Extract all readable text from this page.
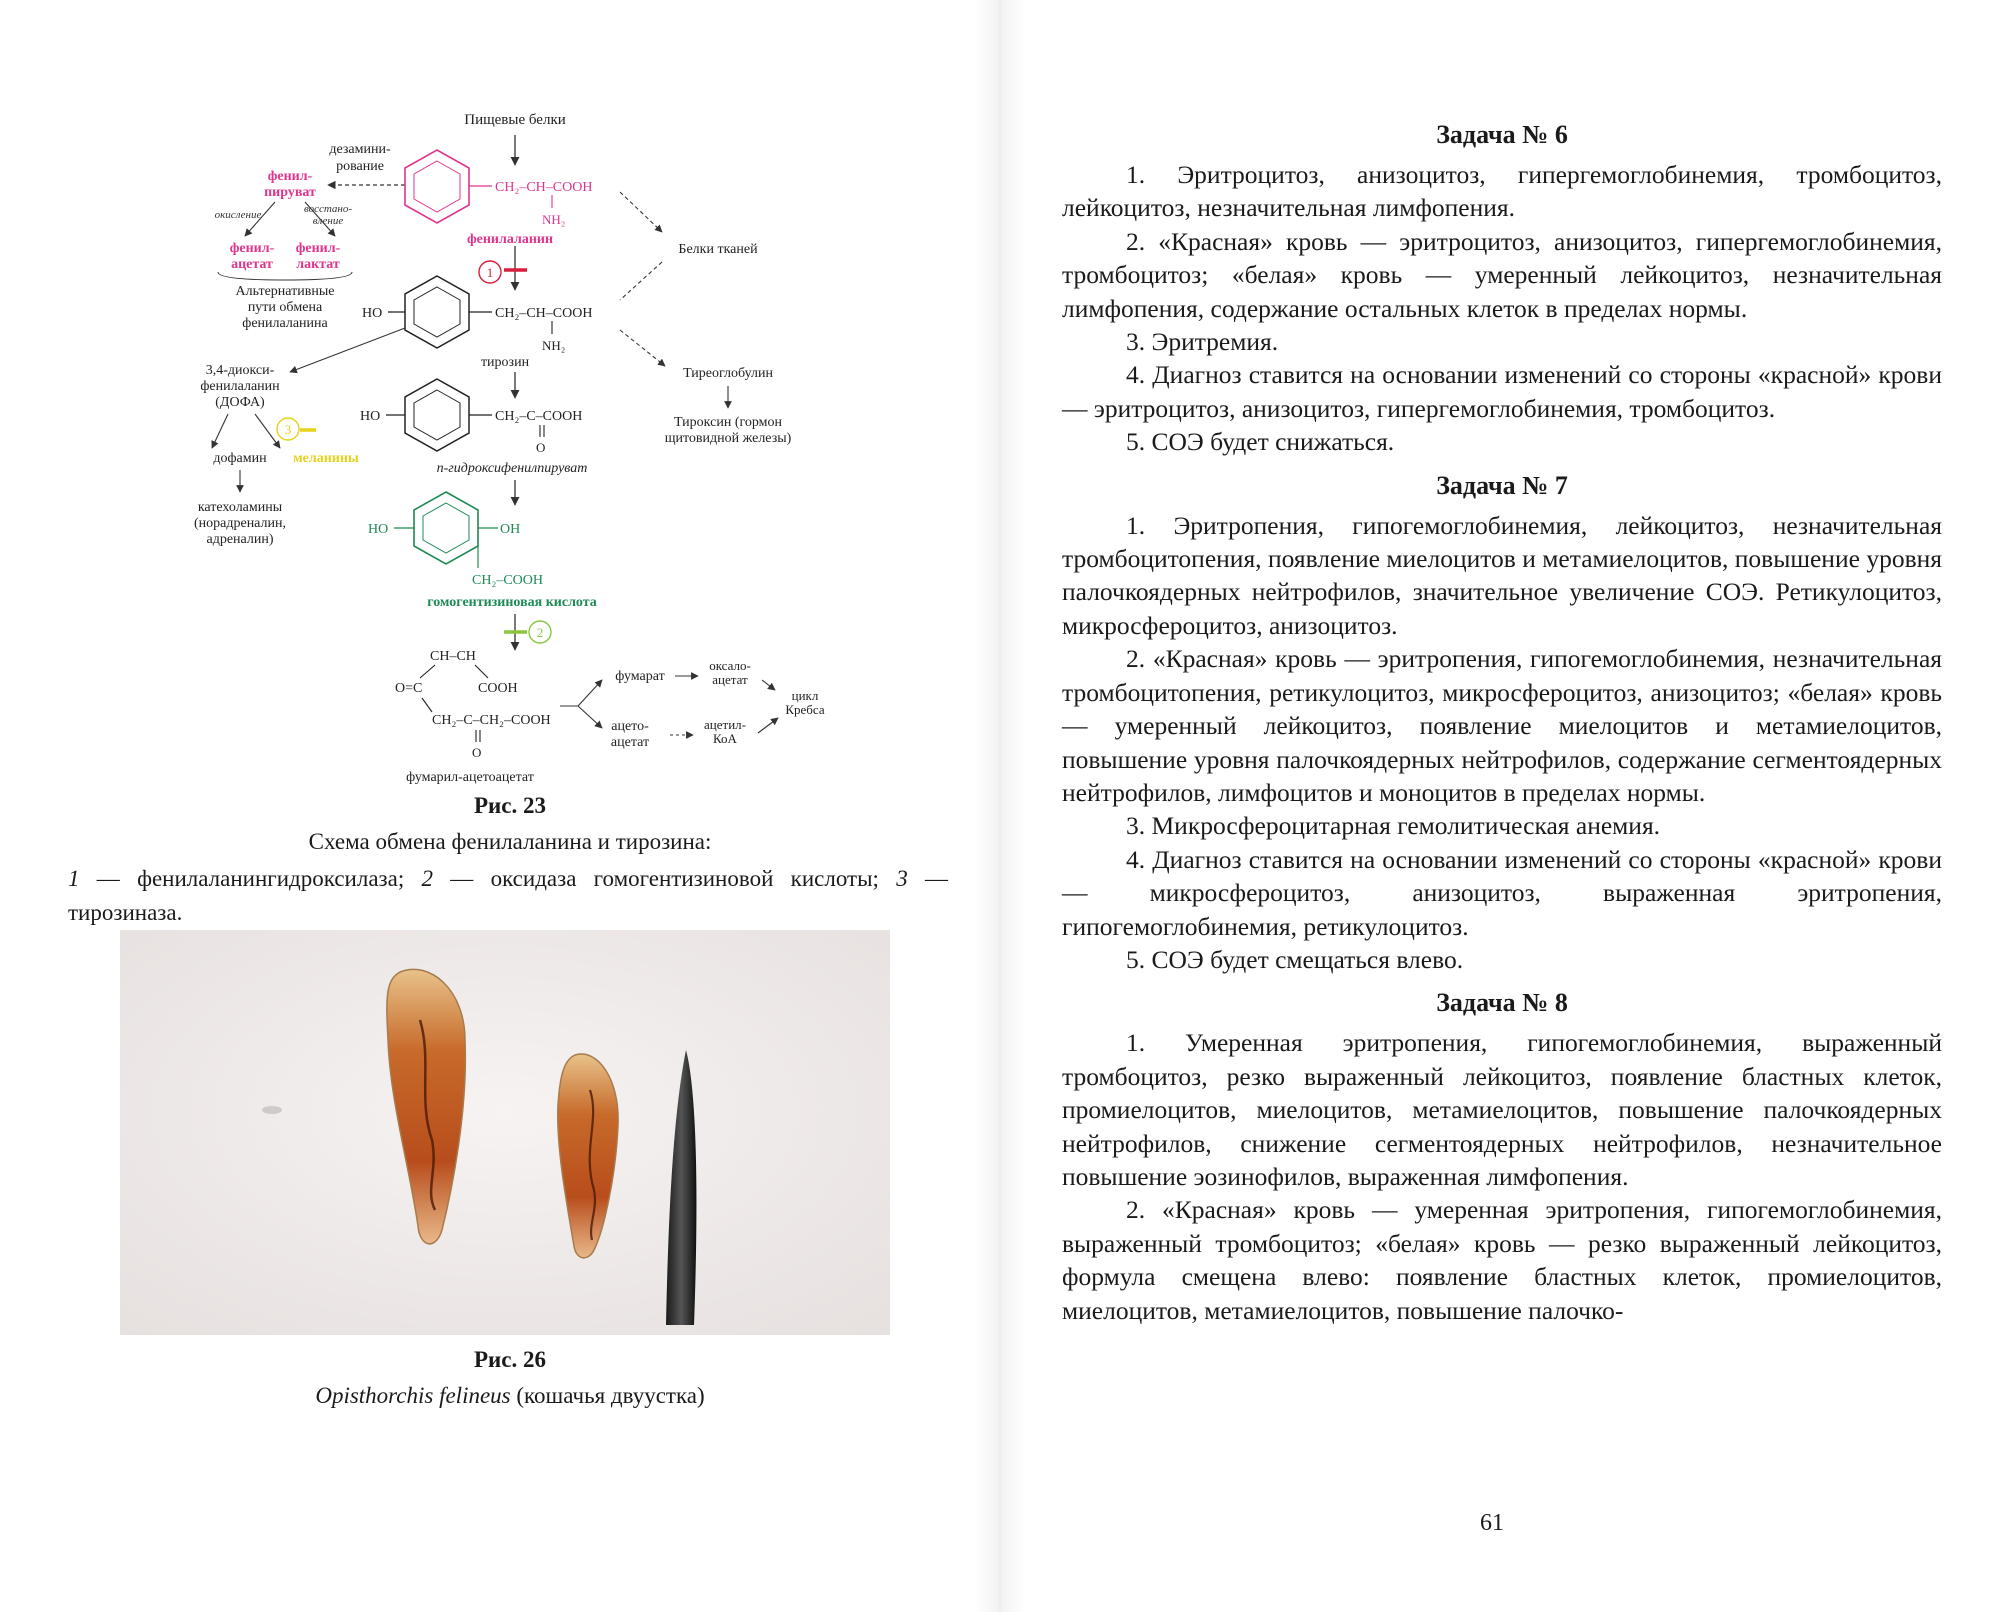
Пищевые белки
дезамини-
рование
фенил-
пируват
окисление	восстано-
вление
фенил-
ацетат
фенил-
лактат
Альтернативные
пути обмена
фенилаланина
CH₂–CH–COOH
NH₂
фенилаланин
Белки тканей
1
HO	CH₂–CH–COOH
NH₂
тирозин
Тиреоглобулин
Тироксин (гормон
щитовидной железы)
3,4-диокси-
фенилаланин
(ДОФА)
3
дофамин меланины
катехоламины
(норадреналин,
адреналин)
HO	CH₂–C–COOH
O
п-гидроксифенилпируват
HO	OH
CH₂–COOH
гомогентизиновая кислота
2
CH–CH
O=C	COOH
CH₂–C–CH₂–COOH
O
фумарил-ацетоацетат
фумарат
оксало-
ацетат
цикл
Кребса
ацето-
ацетат
ацетил-
КоА
Рис. 23
Схема обмена фенилаланина и тирозина:
1 — фенилаланингидроксилаза; 2 — оксидаза гомогентизиновой кислоты; 3 — тирозиназа.
Рис. 26
Opisthorchis felineus (кошачья двуустка)
Задача № 6

1. Эритроцитоз, анизоцитоз, гипергемоглобинемия, тромбоцитоз, лейкоцитоз, незначительная лимфопения.

2. «Красная» кровь — эритроцитоз, анизоцитоз, гипергемоглобинемия, тромбоцитоз; «белая» кровь — умеренный лейкоцитоз, незначительная лимфопения, содержание остальных клеток в пределах нормы.

3. Эритремия.

4. Диагноз ставится на основании изменений со стороны «красной» крови — эритроцитоз, анизоцитоз, гипергемоглобинемия, тромбоцитоз.

5. СОЭ будет снижаться.

Задача № 7

1. Эритропения, гипогемоглобинемия, лейкоцитоз, незначительная тромбоцитопения, появление миелоцитов и метамиелоцитов, повышение уровня палочкоядерных нейтрофилов, значительное увеличение СОЭ. Ретикулоцитоз, микросфероцитоз, анизоцитоз.

2. «Красная» кровь — эритропения, гипогемоглобинемия, незначительная тромбоцитопения, ретикулоцитоз, микросфероцитоз, анизоцитоз; «белая» кровь — умеренный лейкоцитоз, появление миелоцитов и метамиелоцитов, повышение уровня палочкоядерных нейтрофилов, содержание сегментоядерных нейтрофилов, лимфоцитов и моноцитов в пределах нормы.

3. Микросфероцитарная гемолитическая анемия.

4. Диагноз ставится на основании изменений со стороны «красной» крови — микросфероцитоз, анизоцитоз, выраженная эритропения, гипогемоглобинемия, ретикулоцитоз.

5. СОЭ будет смещаться влево.

Задача № 8

1. Умеренная эритропения, гипогемоглобинемия, выраженный тромбоцитоз, резко выраженный лейкоцитоз, появление бластных клеток, промиелоцитов, миелоцитов, метамиелоцитов, повышение палочкоядерных нейтрофилов, снижение сегментоядерных нейтрофилов, незначительное повышение эозинофилов, выраженная лимфопения.

2. «Красная» кровь — умеренная эритропения, гипогемоглобинемия, выраженный тромбоцитоз; «белая» кровь — резко выраженный лейкоцитоз, формула смещена влево: появление бластных клеток, промиелоцитов, миелоцитов, метамиелоцитов, повышение палочко-

61
